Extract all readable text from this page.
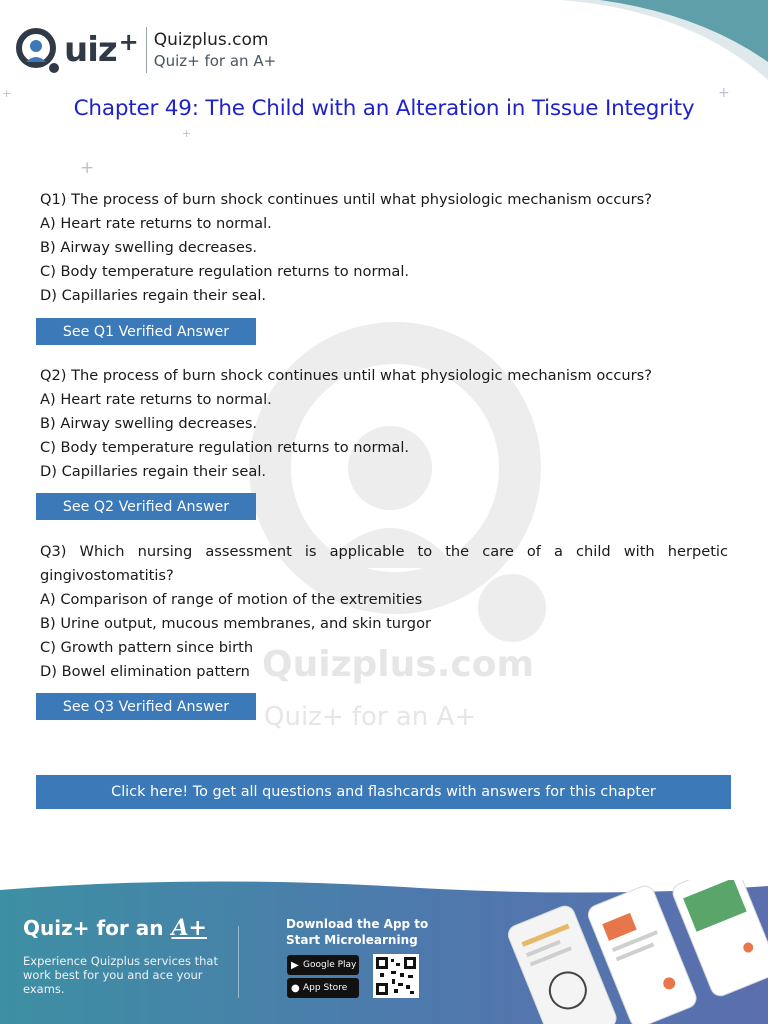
+
+
+
+
uiz + Quizplus.com
Quiz+ for an A+
Chapter 49: The Child with an Alteration in Tissue Integrity
Quizplus.com
Quiz+ for an A+
Q1) The process of burn shock continues until what physiologic mechanism occurs?
A) Heart rate returns to normal.
B) Airway swelling decreases.
C) Body temperature regulation returns to normal.
D) Capillaries regain their seal.
See Q1 Verified Answer
Q2) The process of burn shock continues until what physiologic mechanism occurs?
A) Heart rate returns to normal.
B) Airway swelling decreases.
C) Body temperature regulation returns to normal.
D) Capillaries regain their seal.
See Q2 Verified Answer
Q3) Which nursing assessment is applicable to the care of a child with herpetic gingivostomatitis?
A) Comparison of range of motion of the extremities
B) Urine output, mucous membranes, and skin turgor
C) Growth pattern since birth
D) Bowel elimination pattern
See Q3 Verified Answer
Click here! To get all questions and flashcards with answers for this chapter
Quiz+ for an A+
Experience Quizplus services that work best for you and ace your exams.
Download the App to Start Microlearning
▶ Google Play
● App Store
